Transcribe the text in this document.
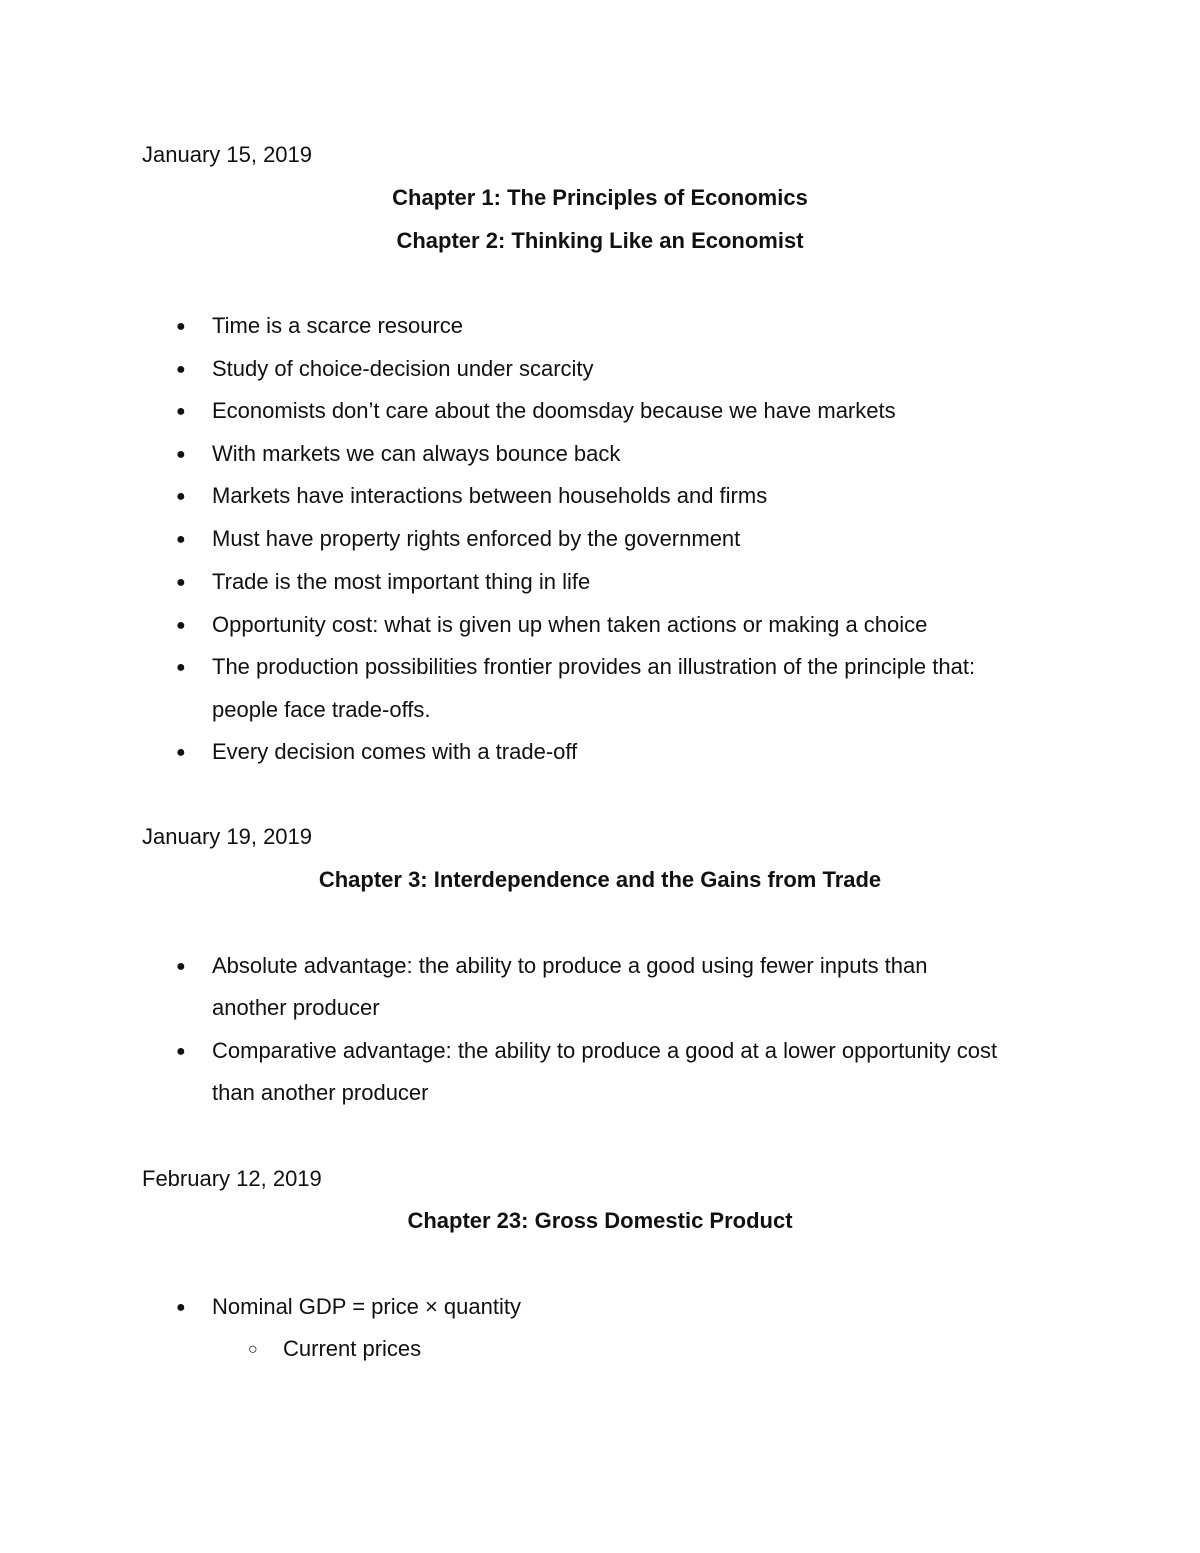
January 15, 2019
Chapter 1: The Principles of Economics
Chapter 2: Thinking Like an Economist
● Time is a scarce resource
● Study of choice-decision under scarcity
● Economists don’t care about the doomsday because we have markets
● With markets we can always bounce back
● Markets have interactions between households and firms
● Must have property rights enforced by the government
● Trade is the most important thing in life
● Opportunity cost: what is given up when taken actions or making a choice
● The production possibilities frontier provides an illustration of the principle that:
people face trade-offs.
● Every decision comes with a trade-off
January 19, 2019
Chapter 3: Interdependence and the Gains from Trade
● Absolute advantage: the ability to produce a good using fewer inputs than
another producer
● Comparative advantage: the ability to produce a good at a lower opportunity cost
than another producer
February 12, 2019
Chapter 23: Gross Domestic Product
● Nominal GDP = price × quantity
○ Current prices
